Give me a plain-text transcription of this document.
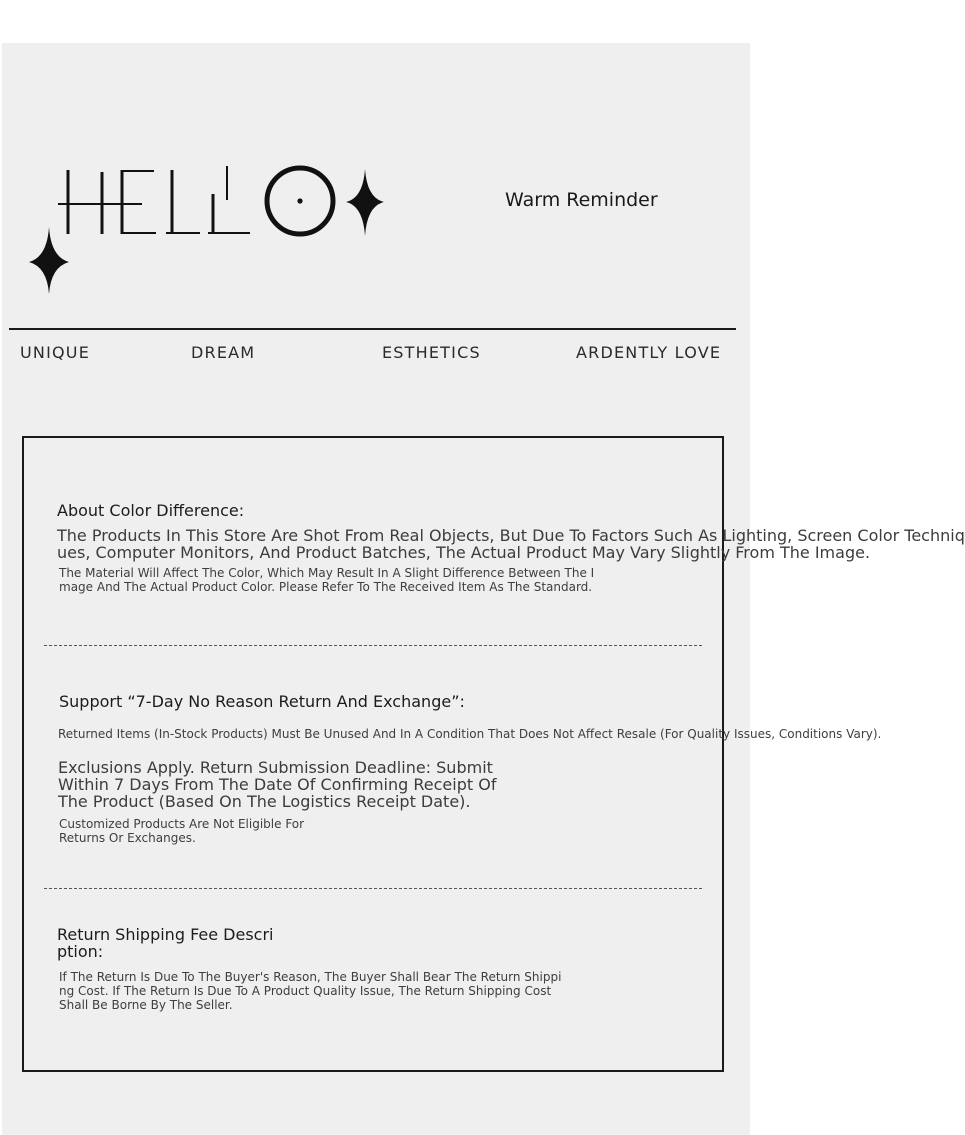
Warm Reminder
UNIQUE	DREAM	ESTHETICS	ARDENTLY LOVE
About Color Difference:
The Products In This Store Are Shot From Real Objects, But Due To Factors Such As Lighting, Screen Color Techniq
ues, Computer Monitors, And Product Batches, The Actual Product May Vary Slightly From The Image.
The Material Will Affect The Color, Which May Result In A Slight Difference Between The I
mage And The Actual Product Color. Please Refer To The Received Item As The Standard.
Support “7-Day No Reason Return And Exchange”:
Returned Items (In-Stock Products) Must Be Unused And In A Condition That Does Not Affect Resale (For Quality Issues, Conditions Vary).
Exclusions Apply. Return Submission Deadline: Submit
Within 7 Days From The Date Of Confirming Receipt Of
The Product (Based On The Logistics Receipt Date).
Customized Products Are Not Eligible For
Returns Or Exchanges.
Return Shipping Fee Descri
ption:
If The Return Is Due To The Buyer's Reason, The Buyer Shall Bear The Return Shippi
ng Cost. If The Return Is Due To A Product Quality Issue, The Return Shipping Cost
Shall Be Borne By The Seller.
